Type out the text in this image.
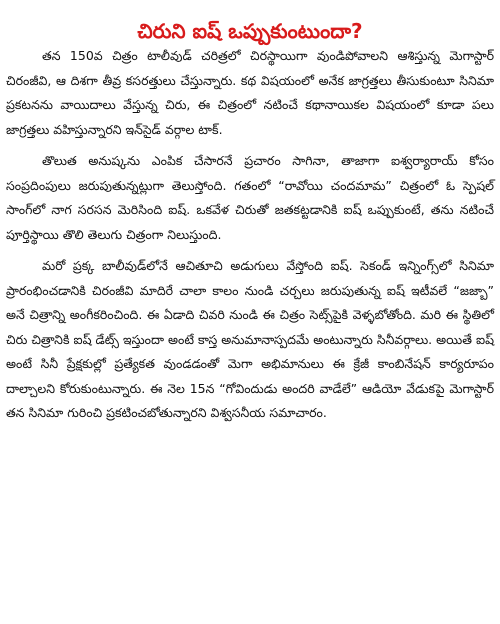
చిరుని ఐష్ ఒప్పుకుంటుందా?

తన 150వ చిత్రం టాలీవుడ్ చరిత్రలో చిరస్థాయిగా వుండిపోవాలని ఆశిస్తున్న మెగాస్టార్ చిరంజీవి, ఆ దిశగా తీవ్ర కసరత్తులు చేస్తున్నారు. కథ విషయంలో అనేక జాగ్రత్తలు తీసుకుంటూ సినిమా ప్రకటనను వాయిదాలు వేస్తున్న చిరు, ఈ చిత్రంలో నటించే కథానాయికల విషయంలో కూడా పలు జాగ్రత్తలు వహిస్తున్నారని ఇన్‌సైడ్ వర్గాల టాక్.

తొలుత అనుష్కను ఎంపిక చేసారనే ప్రచారం సాగినా, తాజాగా ఐశ్వర్యారాయ్ కోసం సంప్రదింపులు జరుపుతున్నట్లుగా తెలుస్తోంది. గతంలో “రావోయి చందమామ” చిత్రంలో ఓ స్పెషల్ సాంగ్‌లో నాగ సరసన మెరిసింది ఐష్. ఒకవేళ చిరుతో జతకట్టడానికి ఐష్ ఒప్పుకుంటే, తను నటించే పూర్తిస్థాయి తొలి తెలుగు చిత్రంగా నిలుస్తుంది.

మరో ప్రక్క బాలీవుడ్‌లోనే ఆచితూచి అడుగులు వేస్తోంది ఐష్. సెకండ్ ఇన్నింగ్స్‌లో సినిమా ప్రారంభించడానికి చిరంజీవి మాదిరే చాలా కాలం నుండి చర్చలు జరుపుతున్న ఐష్ ఇటీవలే “జజ్బా” అనే చిత్రాన్ని అంగీకరించింది. ఈ ఏడాది చివరి నుండి ఈ చిత్రం సెట్స్‌పైకి వెళ్ళబోతోంది. మరి ఈ స్థితిలో చిరు చిత్రానికి ఐష్ డేట్స్ ఇస్తుందా అంటే కాస్త అనుమానాస్పదమే అంటున్నారు సినీవర్గాలు. అయితే ఐష్ అంటే సినీ ప్రేక్షకుల్లో ప్రత్యేకత వుండడంతో మెగా అభిమానులు ఈ క్రేజీ కాంబినేషన్ కార్యరూపం దాల్చాలని కోరుకుంటున్నారు. ఈ నెల 15న “గోవిందుడు అందరి వాడేలే” ఆడియో వేడుకపై మెగాస్టార్ తన సినిమా గురించి ప్రకటించబోతున్నారని విశ్వసనీయ సమాచారం.
